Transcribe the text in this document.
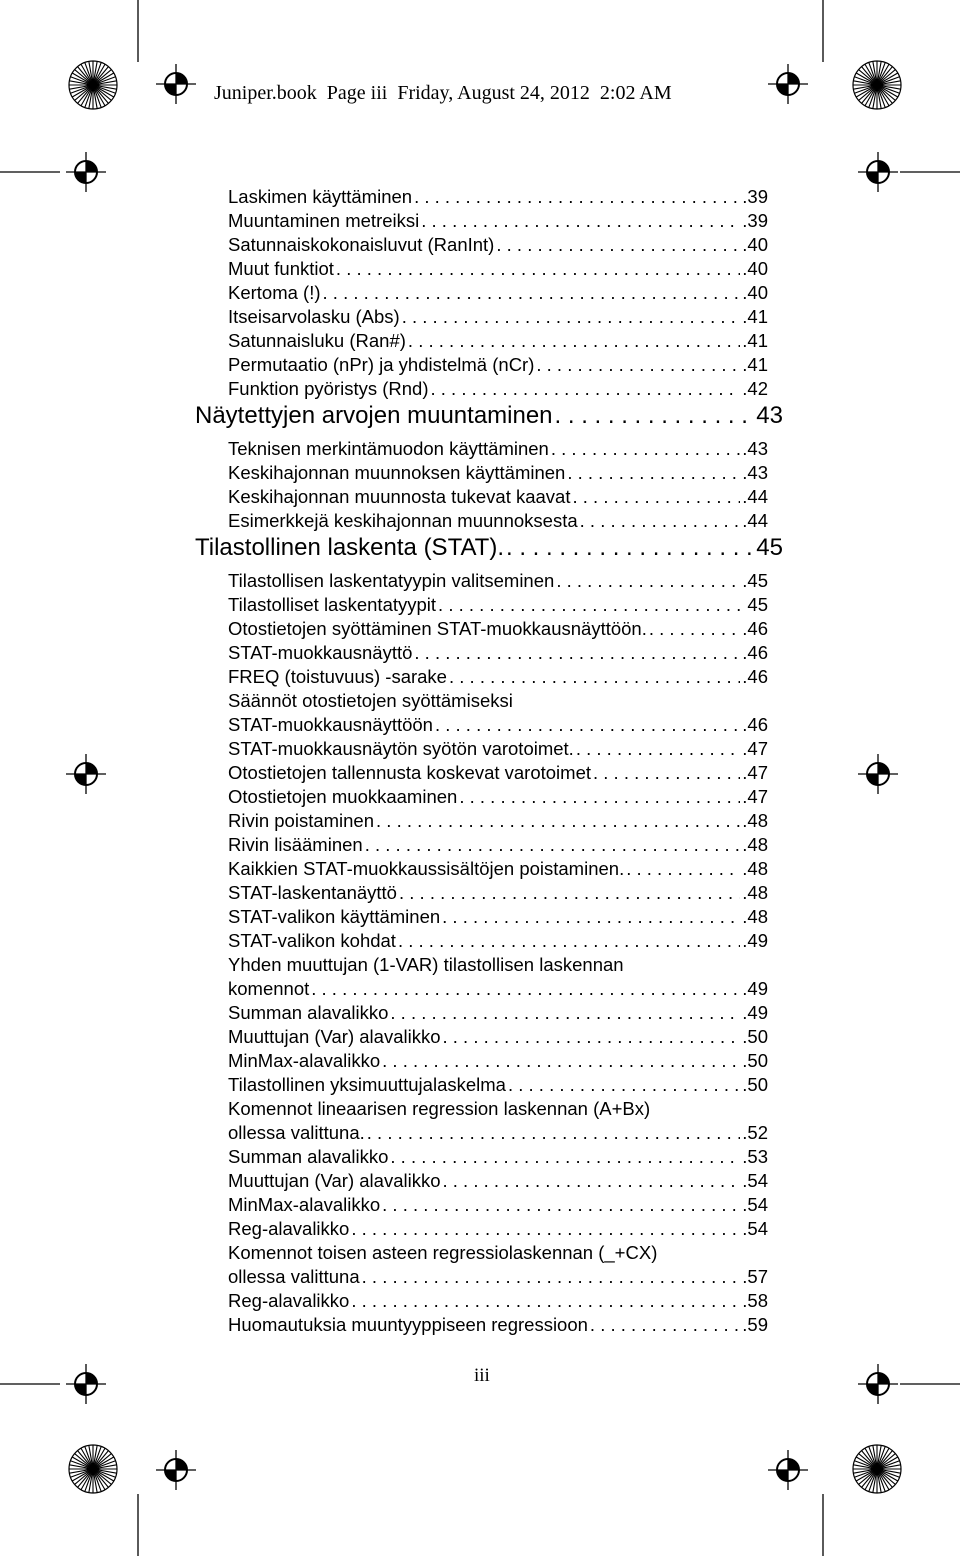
Juniper.book  Page iii  Friday, August 24, 2012  2:02 AM
Laskimen käyttäminen . . .	.39
Muuntaminen metreiksi . . .	.39
Satunnaiskokonaisluvut (RanInt) . . .	.40
Muut funktiot . . .	.40
Kertoma (!) . . .	.40
Itseisarvolasku (Abs) . . .	.41
Satunnaisluku (Ran#) . . .	.41
Permutaatio (nPr) ja yhdistelmä (nCr) . . .	.41
Funktion pyöristys (Rnd) . . .	.42
Näytettyjen arvojen muuntaminen . . .	43
Teknisen merkintämuodon käyttäminen . . .	.43
Keskihajonnan muunnoksen käyttäminen . . .	.43
Keskihajonnan muunnosta tukevat kaavat . . .	.44
Esimerkkejä keskihajonnan muunnoksesta . . .	.44
Tilastollinen laskenta (STAT). . . .	45
Tilastollisen laskentatyypin valitseminen . . .	.45
Tilastolliset laskentatyypit . . .	45
Otostietojen syöttäminen STAT-muokkausnäyttöön. . . .	.46
STAT-muokkausnäyttö . . .	.46
FREQ (toistuvuus) -sarake . . .	.46
Säännöt otostietojen syöttämiseksi
STAT-muokkausnäyttöön . . .	.46
STAT-muokkausnäytön syötön varotoimet. . . .	.47
Otostietojen tallennusta koskevat varotoimet . . .	.47
Otostietojen muokkaaminen . . .	.47
Rivin poistaminen . . .	.48
Rivin lisääminen . . .	.48
Kaikkien STAT-muokkaussisältöjen poistaminen. . . .	.48
STAT-laskentanäyttö . . .	.48
STAT-valikon käyttäminen . . .	.48
STAT-valikon kohdat . . .	.49
Yhden muuttujan (1-VAR) tilastollisen laskennan
komennot . . .	.49
Summan alavalikko . . .	.49
Muuttujan (Var) alavalikko . . .	.50
MinMax-alavalikko . . .	.50
Tilastollinen yksimuuttujalaskelma . . .	.50
Komennot lineaarisen regression laskennan (A+Bx)
ollessa valittuna. . . .	.52
Summan alavalikko . . .	.53
Muuttujan (Var) alavalikko . . .	.54
MinMax-alavalikko . . .	.54
Reg-alavalikko . . .	.54
Komennot toisen asteen regressiolaskennan (_+CX)
ollessa valittuna . . .	.57
Reg-alavalikko . . .	.58
Huomautuksia muuntyyppiseen regressioon . . .	.59
iii
